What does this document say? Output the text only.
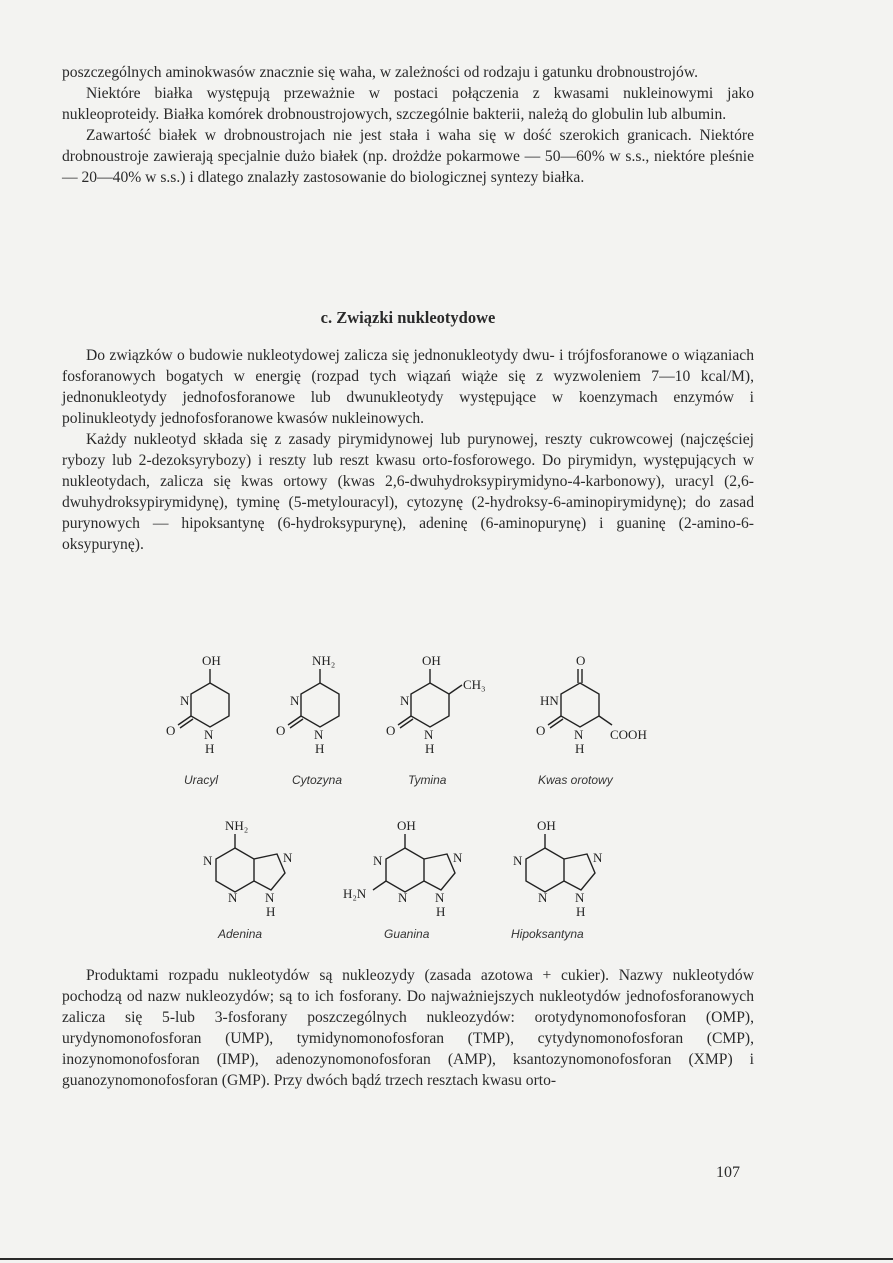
poszczególnych aminokwasów znacznie się waha, w zależności od rodzaju i gatunku drobnoustrojów.

Niektóre białka występują przeważnie w postaci połączenia z kwasami nukleinowymi jako nukleoproteidy. Białka komórek drobnoustrojowych, szczególnie bakterii, należą do globulin lub albumin.

Zawartość białek w drobnoustrojach nie jest stała i waha się w dość szerokich granicach. Niektóre drobnoustroje zawierają specjalnie dużo białek (np. drożdże pokarmowe — 50—60% w s.s., niektóre pleśnie — 20—40% w s.s.) i dlatego znalazły zastosowanie do biologicznej syntezy białka.

c. Związki nukleotydowe

Do związków o budowie nukleotydowej zalicza się jednonukleotydy dwu- i trójfosforanowe o wiązaniach fosforanowych bogatych w energię (rozpad tych wiązań wiąże się z wyzwoleniem 7—10 kcal/M), jednonukleotydy jednofosforanowe lub dwunukleotydy występujące w koenzymach enzymów i polinukleotydy jednofosforanowe kwasów nukleinowych.

Każdy nukleotyd składa się z zasady pirymidynowej lub purynowej, reszty cukrowcowej (najczęściej rybozy lub 2-dezoksyrybozy) i reszty lub reszt kwasu orto-fosforowego. Do pirymidyn, występujących w nukleotydach, zalicza się kwas ortowy (kwas 2,6-dwuhydroksypirymidyno-4-karbonowy), uracyl (2,6-dwuhydroksypirymidynę), tyminę (5-metylouracyl), cytozynę (2-hydroksy-6-aminopirymidynę); do zasad purynowych — hipoksantynę (6-hydroksypurynę), adeninę (6-aminopurynę) i guaninę (2-amino-6-oksypurynę).

OH
N
O N
H
NH₂
N
O N
H
OH
CH₃
N
O N
H
O
HN
O N
H
COOH
NH₂
N
N
N
N
H
OH
N
H₂N N
N
N
H
OH
N
N
N
N
H
Uracyl	Cytozyna	Tymina	Kwas orotowy
Adenina	Guanina	Hipoksantyna

Produktami rozpadu nukleotydów są nukleozydy (zasada azotowa + cukier). Nazwy nukleotydów pochodzą od nazw nukleozydów; są to ich fosforany. Do najważniejszych nukleotydów jednofosforanowych zalicza się 5-lub 3-fosforany poszczególnych nukleozydów: orotydynomonofosforan (OMP), urydynomonofosforan (UMP), tymidynomonofosforan (TMP), cytydynomonofosforan (CMP), inozynomonofosforan (IMP), adenozynomonofosforan (AMP), ksantozynomonofosforan (XMP) i guanozynomonofosforan (GMP). Przy dwóch bądź trzech resztach kwasu orto-

107
